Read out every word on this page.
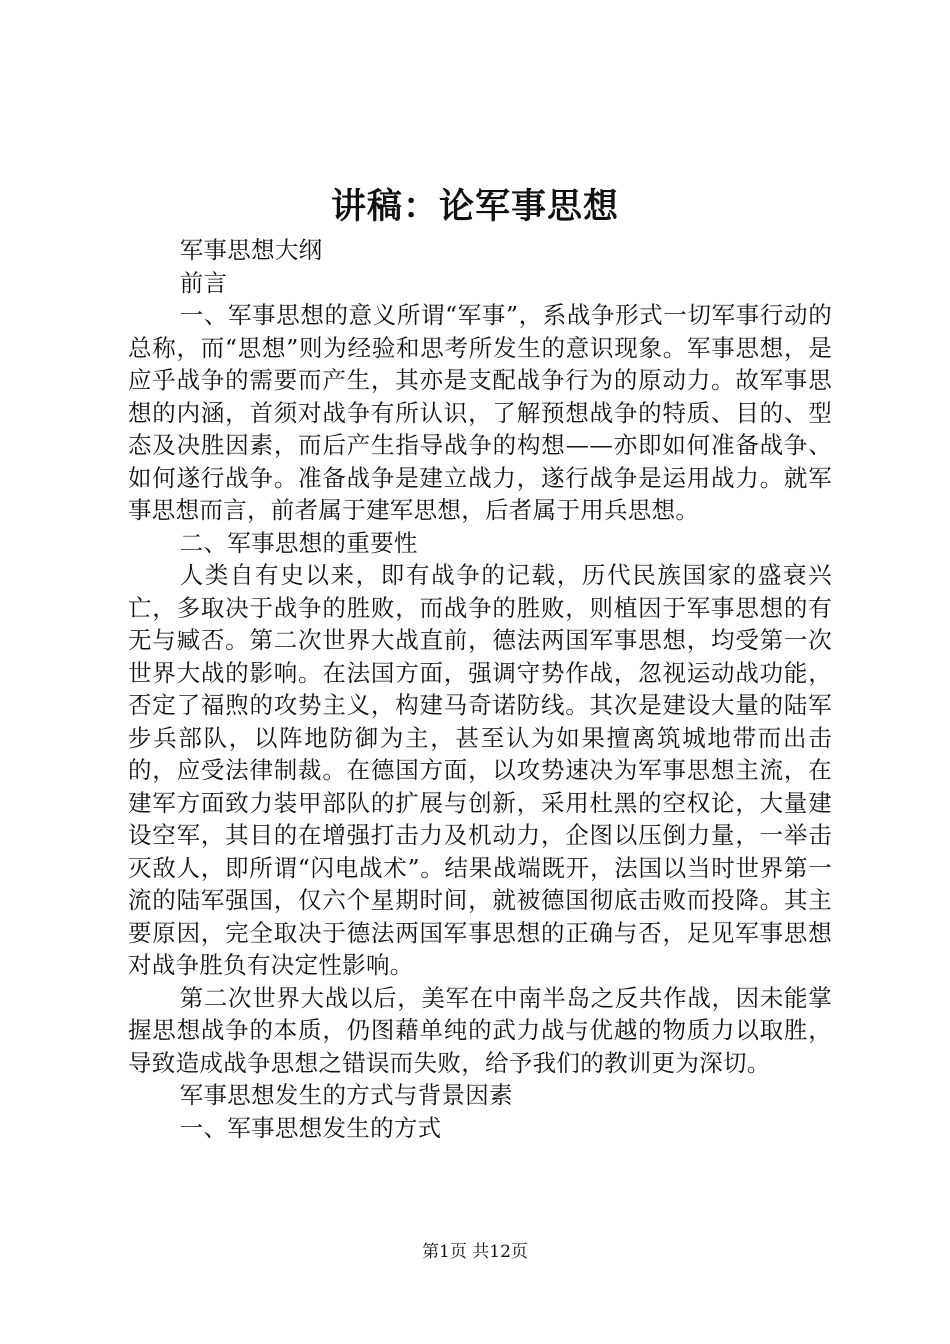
讲稿：论军事思想

军事思想大纲

前言

一、军事思想的意义所谓“军事”，系战争形式一切军事行动的总称，而“思想”则为经验和思考所发生的意识现象。军事思想，是应乎战争的需要而产生，其亦是支配战争行为的原动力。故军事思想的内涵，首须对战争有所认识，了解预想战争的特质、目的、型态及决胜因素，而后产生指导战争的构想——亦即如何准备战争、如何遂行战争。准备战争是建立战力，遂行战争是运用战力。就军事思想而言，前者属于建军思想，后者属于用兵思想。

二、军事思想的重要性

人类自有史以来，即有战争的记载，历代民族国家的盛衰兴亡，多取决于战争的胜败，而战争的胜败，则植因于军事思想的有无与臧否。第二次世界大战直前，德法两国军事思想，均受第一次世界大战的影响。在法国方面，强调守势作战，忽视运动战功能，否定了福煦的攻势主义，构建马奇诺防线。其次是建设大量的陆军步兵部队，以阵地防御为主，甚至认为如果擅离筑城地带而出击的，应受法律制裁。在德国方面，以攻势速决为军事思想主流，在建军方面致力装甲部队的扩展与创新，采用杜黑的空权论，大量建设空军，其目的在增强打击力及机动力，企图以压倒力量，一举击灭敌人，即所谓“闪电战术”。结果战端既开，法国以当时世界第一流的陆军强国，仅六个星期时间，就被德国彻底击败而投降。其主要原因，完全取决于德法两国军事思想的正确与否，足见军事思想对战争胜负有决定性影响。

第二次世界大战以后，美军在中南半岛之反共作战，因未能掌握思想战争的本质，仍图藉单纯的武力战与优越的物质力以取胜，导致造成战争思想之错误而失败，给予我们的教训更为深切。

军事思想发生的方式与背景因素

一、军事思想发生的方式

第1页 共12页
